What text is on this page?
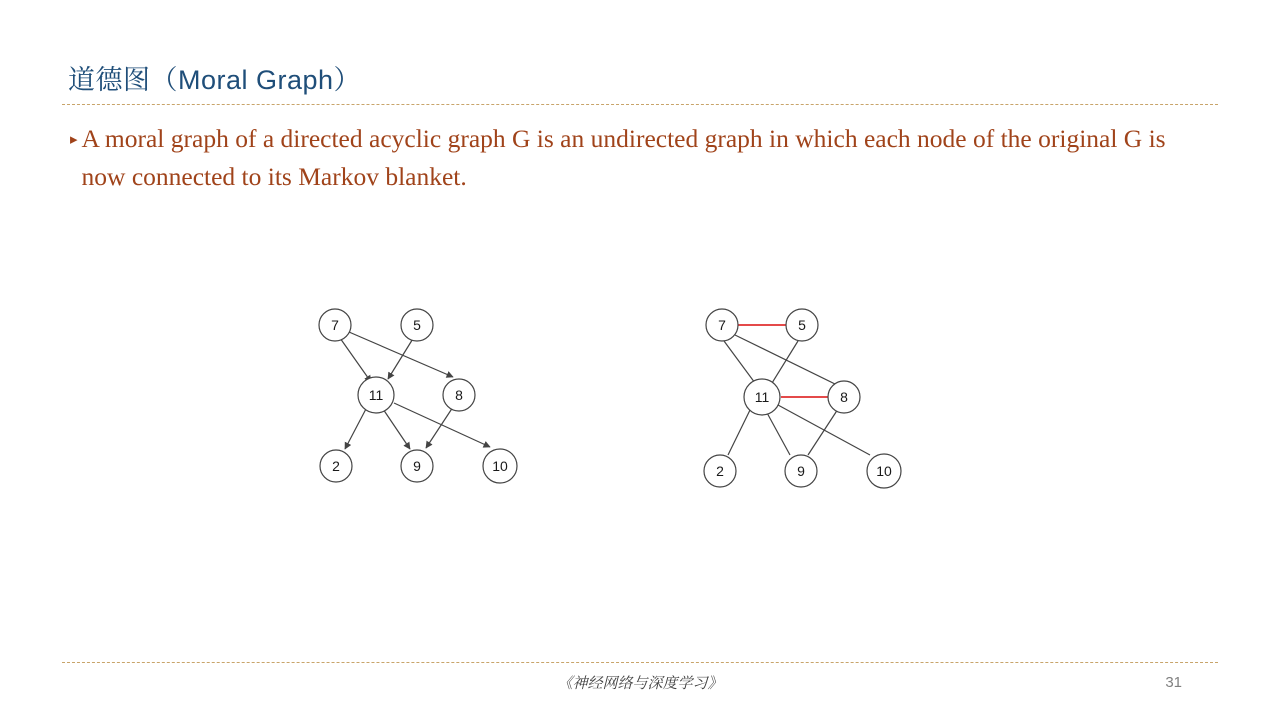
道德图（Moral Graph）
▸ A moral graph of a directed acyclic graph G is an undirected graph in which each node of the original G is now connected to its Markov blanket.
7	5
11	8
2	9	10
7	5
11	8
2	9	10
《神经网络与深度学习》	31
